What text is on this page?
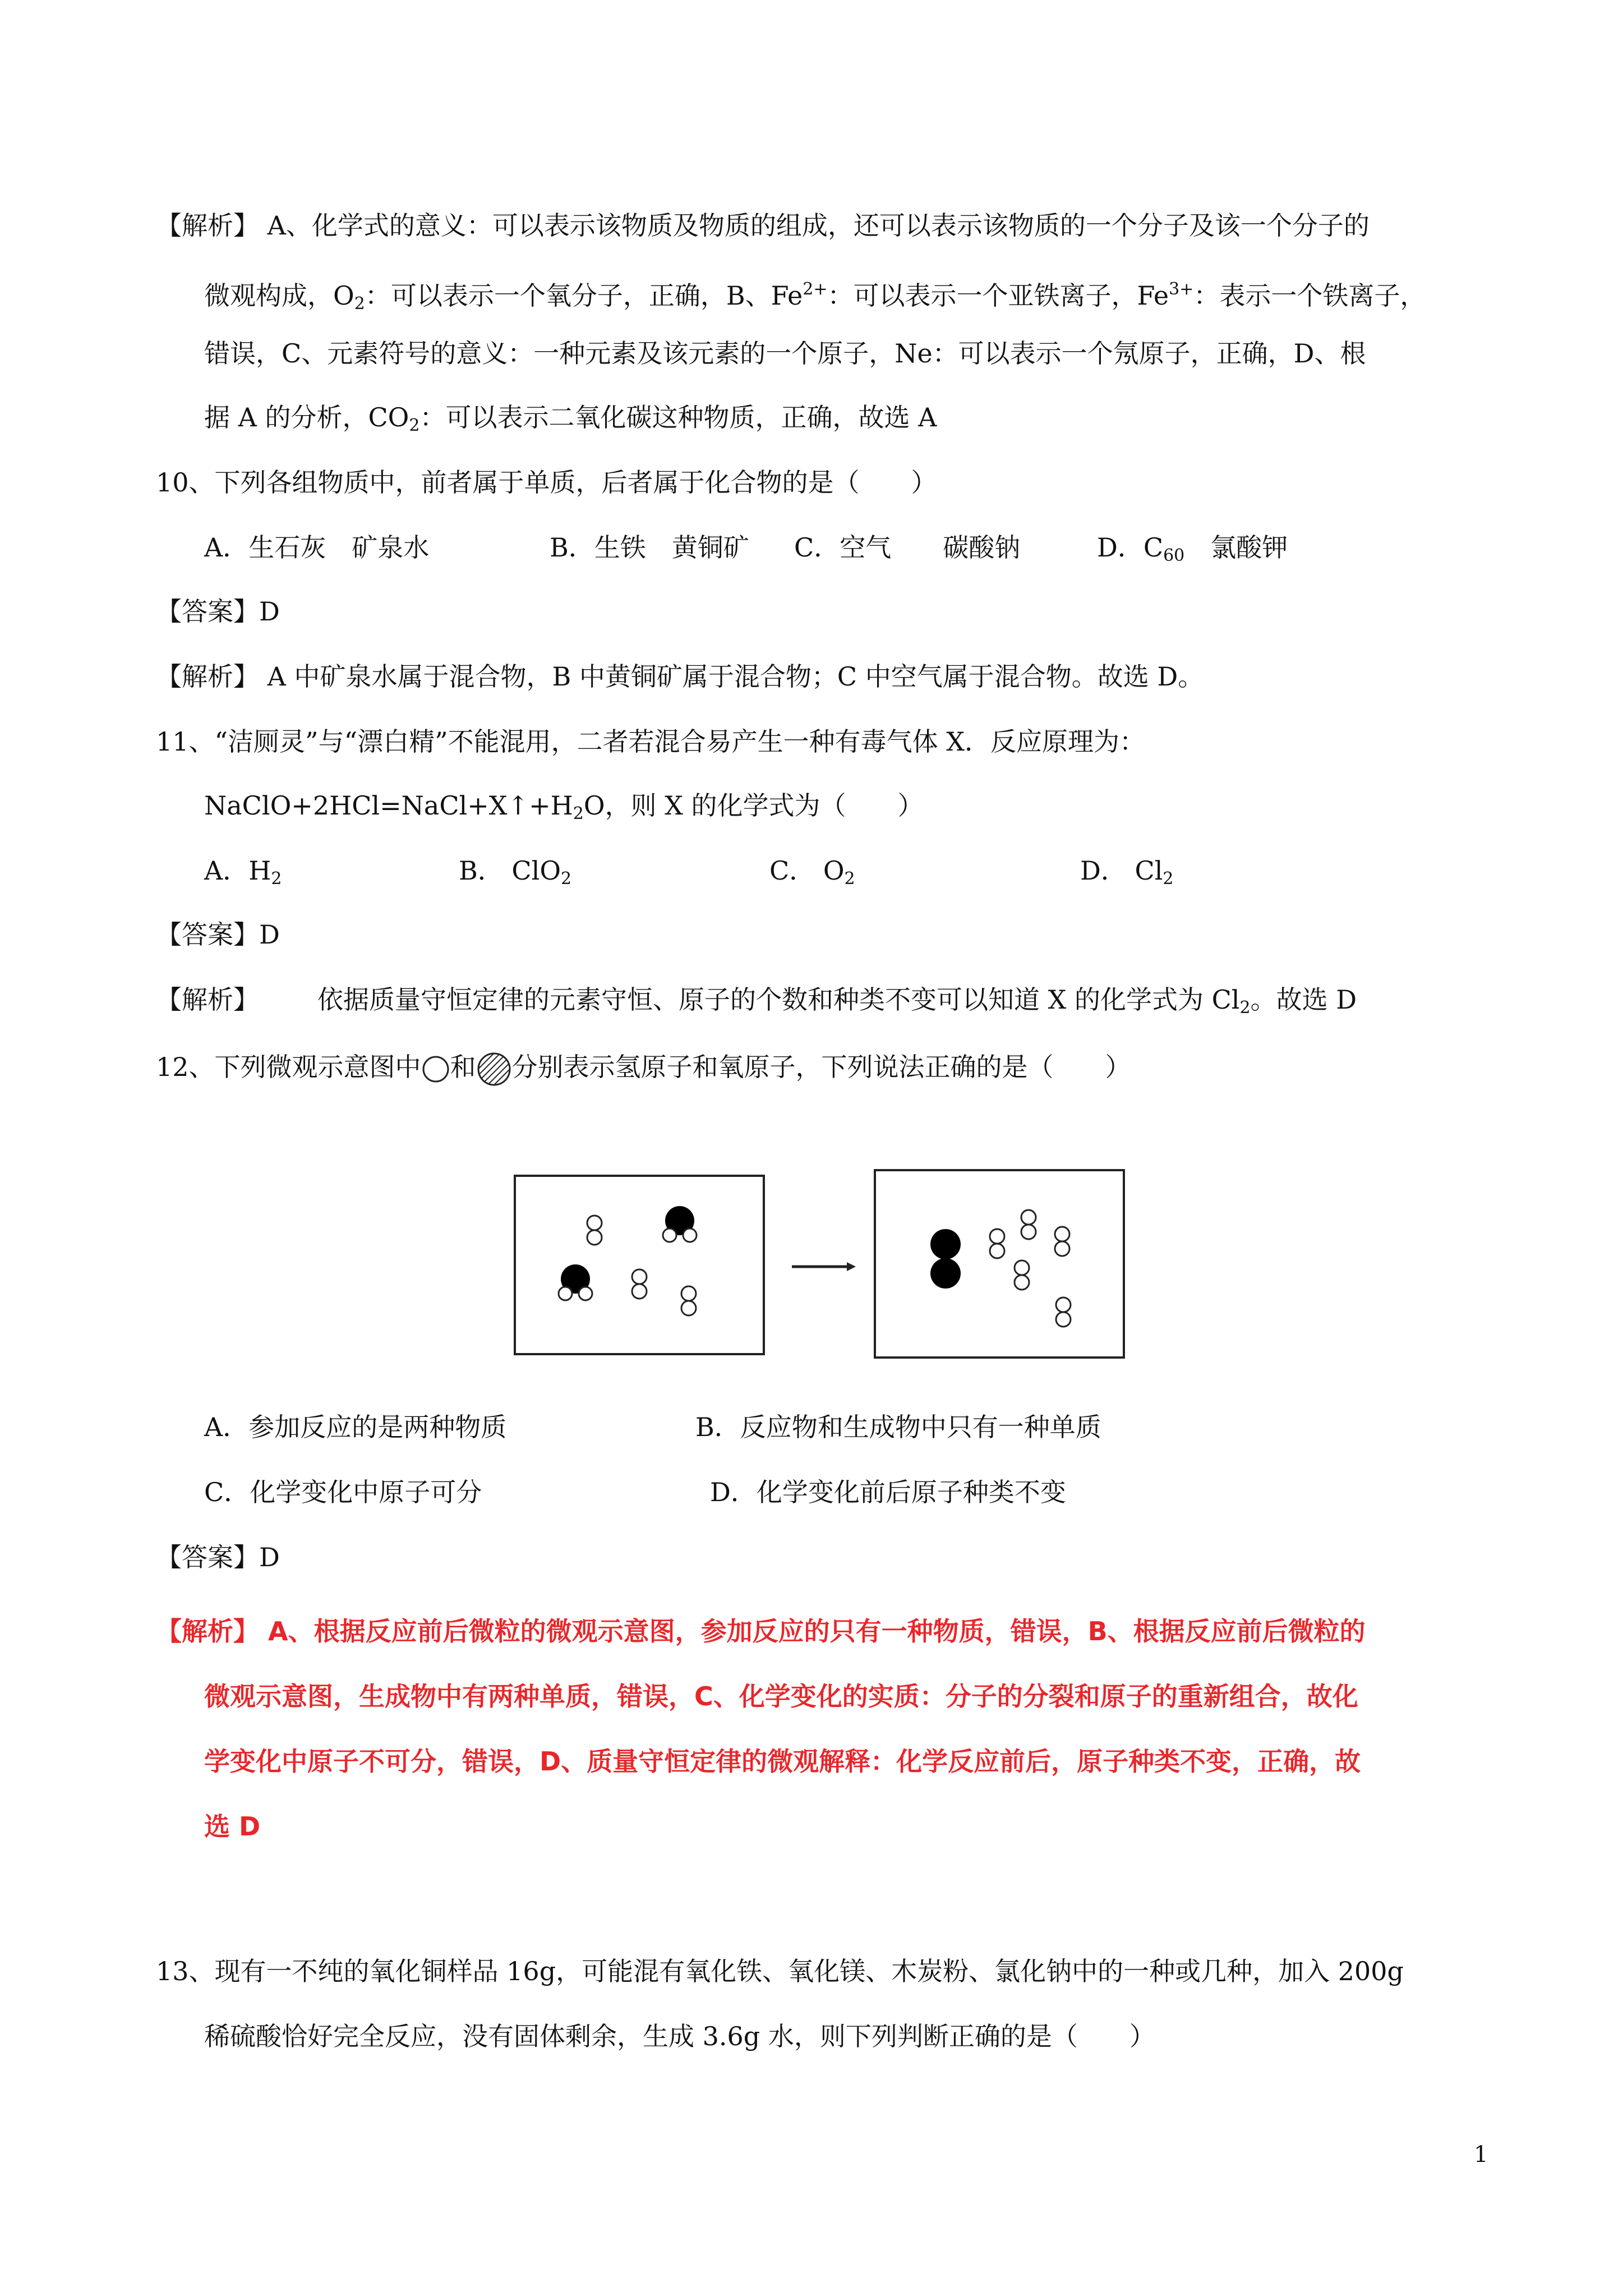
【解析】 A、化学式的意义：可以表示该物质及物质的组成，还可以表示该物质的一个分子及该一个分子的
微观构成，$O_2$：可以表示一个氧分子，正确，B、$Fe^{2+}$：可以表示一个亚铁离子，$Fe^{3+}$：表示一个铁离子，
错误，C、元素符号的意义：一种元素及该元素的一个原子，Ne：可以表示一个氖原子，正确，D、根
据 A 的分析，$CO_2$：可以表示二氧化碳这种物质，正确，故选 A
10、下列各组物质中，前者属于单质，后者属于化合物的是（　　）
A．生石灰　矿泉水	B．生铁　黄铜矿 C．空气　　碳酸钠	D．$C_{60}$　氯酸钾
【答案】D
【解析】 A 中矿泉水属于混合物，B 中黄铜矿属于混合物；C 中空气属于混合物。故选 D。
11、“洁厕灵”与“漂白精”不能混用，二者若混合易产生一种有毒气体 X．反应原理为：
$NaClO+2HCl=NaCl+X↑+H_2O$，则 X 的化学式为（　　）
A．$H_2$	B． ClO$_2$	C． $O_2$	D． $Cl_2$
【答案】D
【解析】 依据质量守恒定律的元素守恒、原子的个数和种类不变可以知道 X 的化学式为 $Cl_2$。故选 D
12、下列微观示意图中 和 分别表示氢原子和氧原子，下列说法正确的是（　　）
A．参加反应的是两种物质	B．反应物和生成物中只有一种单质
C．化学变化中原子可分	D．化学变化前后原子种类不变
【答案】D
【解析】 A、根据反应前后微粒的微观示意图，参加反应的只有一种物质，错误，B、根据反应前后微粒的
微观示意图，生成物中有两种单质，错误，C、化学变化的实质：分子的分裂和原子的重新组合，故化
学变化中原子不可分，错误，D、质量守恒定律的微观解释：化学反应前后，原子种类不变，正确，故
选 D
13、现有一不纯的氧化铜样品 16g，可能混有氧化铁、氧化镁、木炭粉、氯化钠中的一种或几种，加入 200g
稀硫酸恰好完全反应，没有固体剩余，生成 3.6g 水，则下列判断正确的是（　　）
1
